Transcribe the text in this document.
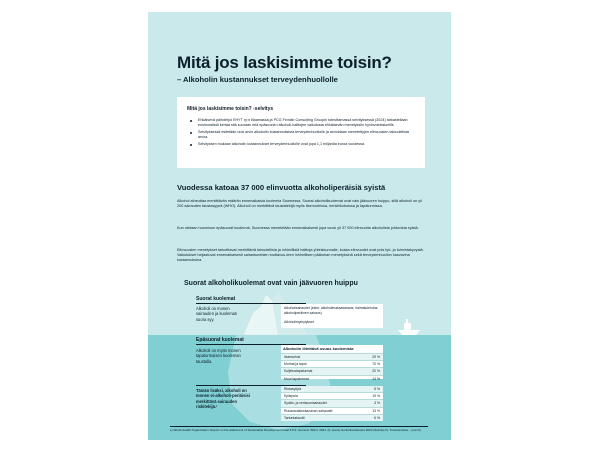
Mitä jos laskisimme toisin?
– Alkoholin kustannukset terveydenhuollolle
Mitä jos laskisimme toisin? -selvitys
Ehkäisevä päihdetyö EHYT ry:n tilaamassa ja PCG Finnish Consulting Groupin toteuttamassa selvityksessä (2024) tarkastellaan ensimmäistä kertaa sitä suoraan eriä epäsuorien alkoholi-haittojen vaikutusta ehkäisevän menetyksiin hyvinvointialueille.
Selvityksessä esitetään uusi arvio alkoholin kustannuksista terveydenhuollolle ja arvioidaan menetettyjen elinvuosien taloudellista arvoa.
Selvityksen mukaan alkoholin kustannukset terveydenhuollolle ovat jopa 1,1 miljardia euroa vuodessa.
Vuodessa katoaa 37 000 elinvuotta alkoholiperäisiä syistä

Alkohol aiheuttaa merkittävän määrän ennenaikaisia kuolemia Suomessa. Suorat alkoholikuolemat ovat vain jäävuoren huippu, sillä alkoholi on yli 200 sairauden taustasyynä (WHO). Alkoholi on merkittävä taustatekijä myös itsemurhissa, henkirikoksissa ja tapaturmissa.

Kun otetaan huomioon epäsuorat kuolemat, Suomessa menetetään ennenaikaisesti jopa vuosi yli 37 000 elinvuotta alkoholista johtuvista syistä.

Elinvuosien menetykset tarkoittavat merkittäviä taloudellisia ja inhimillisiä haittoja yhteiskunnalle, koska elinvuodet ovat pois työ- ja toimintakyvystä. Vaikutukset heijastuvat ennenaikaisesti sairastuneiden tuottavuu-teen inhimillisen pääoman menetyksinä sekä terveydenhuollon kasvavina kustannuksina.

Suorat alkoholikuolemat ovat vain jäävuoren huippu
Suorat kuolemat
Alkoholi on monen sairauden ja kuoleman suora syy.
Alkoholisairaudet (esim. alkoholimaksasairaus, haimatulehdus, alkoholiperäinen sairaus)
Alkoholimyrkytykset
Epäsuorat kuolemat
Alkoholi on myös monen tapaturmaisen kuoleman taustalla.
Alkoholin liitettävä osuus kuolemista
Itsemurhat	29 %
Murhat ja tapot	70 %
Kuljetustapaturmat	20 %
Muut tapaturmat	14 %
Tämän lisäksi, alkoholi on monen ei-alkoholi-periäisisi merkittävä sairauden riskitekijä.¹
Rintasyöpä	5 %
Epilepsia	19 %
Sydän- ja verisuonisairaudet	3 %
Ruuansulatuskanavan sairaudet	13 %
Tartuntataudit	6 %
1) World Health Organization: Report on the attainment of Sustainable Development Goal 3.5.2. Geneva: WHO; 2024. (In press) Henkirikostaustoa 2020 (Selvitys.fi). Tutustumislue – (suo.fi)
